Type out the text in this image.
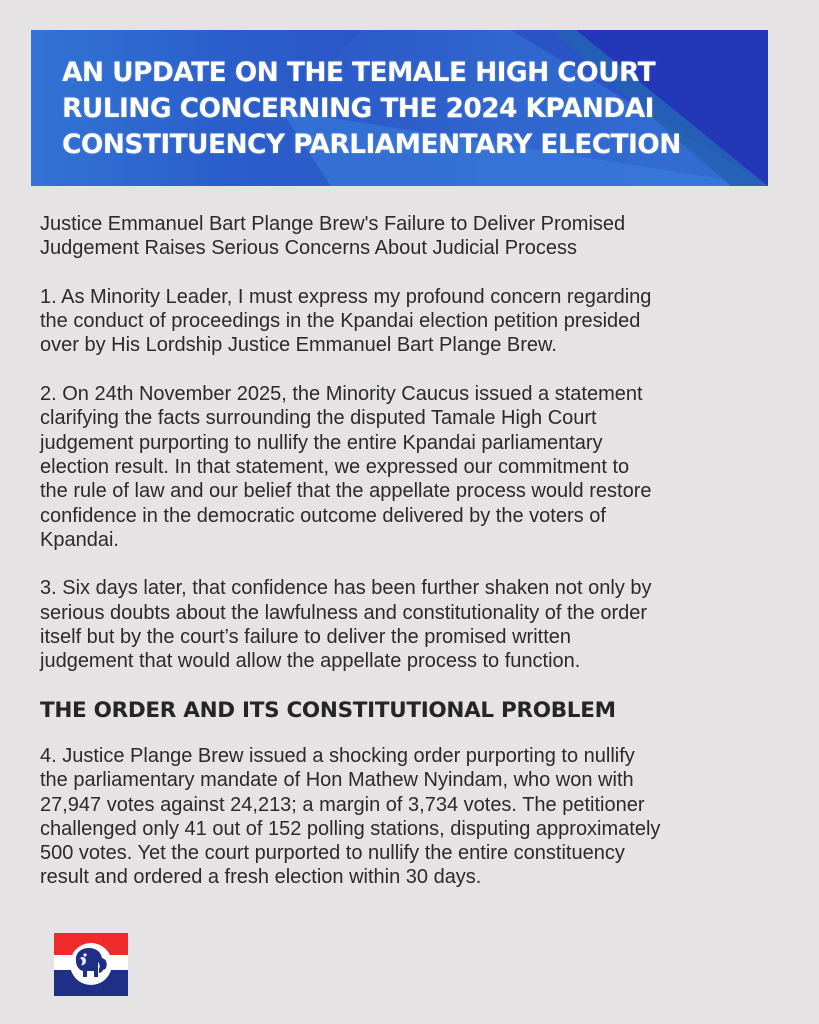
AN UPDATE ON THE TEMALE HIGH COURT
RULING CONCERNING THE 2024 KPANDAI
CONSTITUENCY PARLIAMENTARY ELECTION

Justice Emmanuel Bart Plange Brew's Failure to Deliver Promised
Judgement Raises Serious Concerns About Judicial Process

1. As Minority Leader, I must express my profound concern regarding
the conduct of proceedings in the Kpandai election petition presided
over by His Lordship Justice Emmanuel Bart Plange Brew.

2. On 24th November 2025, the Minority Caucus issued a statement
clarifying the facts surrounding the disputed Tamale High Court
judgement purporting to nullify the entire Kpandai parliamentary
election result. In that statement, we expressed our commitment to
the rule of law and our belief that the appellate process would restore
confidence in the democratic outcome delivered by the voters of
Kpandai.

3. Six days later, that confidence has been further shaken not only by
serious doubts about the lawfulness and constitutionality of the order
itself but by the court’s failure to deliver the promised written
judgement that would allow the appellate process to function.

THE ORDER AND ITS CONSTITUTIONAL PROBLEM

4. Justice Plange Brew issued a shocking order purporting to nullify
the parliamentary mandate of Hon Mathew Nyindam, who won with
27,947 votes against 24,213; a margin of 3,734 votes. The petitioner
challenged only 41 out of 152 polling stations, disputing approximately
500 votes. Yet the court purported to nullify the entire constituency
result and ordered a fresh election within 30 days.
